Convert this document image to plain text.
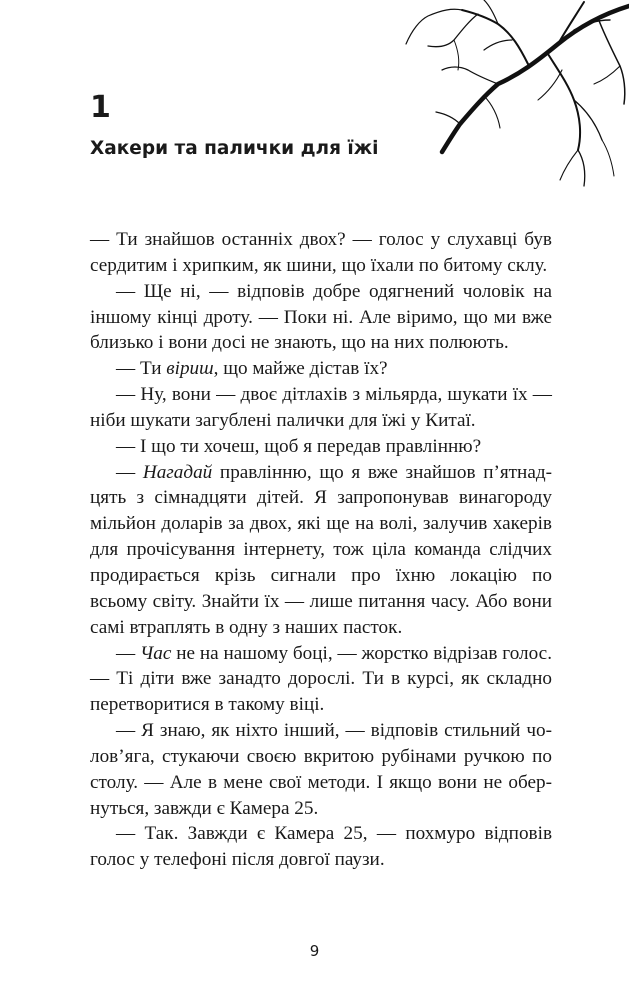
1
Хакери та палички для їжі

— Ти знайшов останніх двох? — голос у слухавці був сердитим і хрипким, як шини, що їхали по битому склу.

— Ще ні, — відповів добре одягнений чоловік на іншому кінці дроту. — Поки ні. Але віримо, що ми вже близько і вони досі не знають, що на них полюють.

— Ти віриш, що майже дістав їх?

— Ну, вони — двоє дітлахів з мільярда, шукати їх — ніби шукати загублені палички для їжі у Китаї.

— І що ти хочеш, щоб я передав правлінню?

— Нагадай правлінню, що я вже знайшов п’ятнадцять з сімнадцяти дітей. Я запропонував винагороду мільйон доларів за двох, які ще на волі, залучив хакерів для прочісування інтернету, тож ціла команда слідчих продирається крізь сигнали про їхню локацію по всьому світу. Знайти їх — лише питання часу. Або вони самі втраплять в одну з наших пасток.

— Час не на нашому боці, — жорстко відрізав голос. — Ті діти вже занадто дорослі. Ти в курсі, як складно перетворитися в такому віці.

— Я знаю, як ніхто інший, — відповів стильний чолов’яга, стукаючи своєю вкритою рубінами ручкою по столу. — Але в мене свої методи. І якщо вони не обернуться, завжди є Камера 25.

— Так. Завжди є Камера 25, — похмуро відповів голос у телефоні після довгої паузи.

9
